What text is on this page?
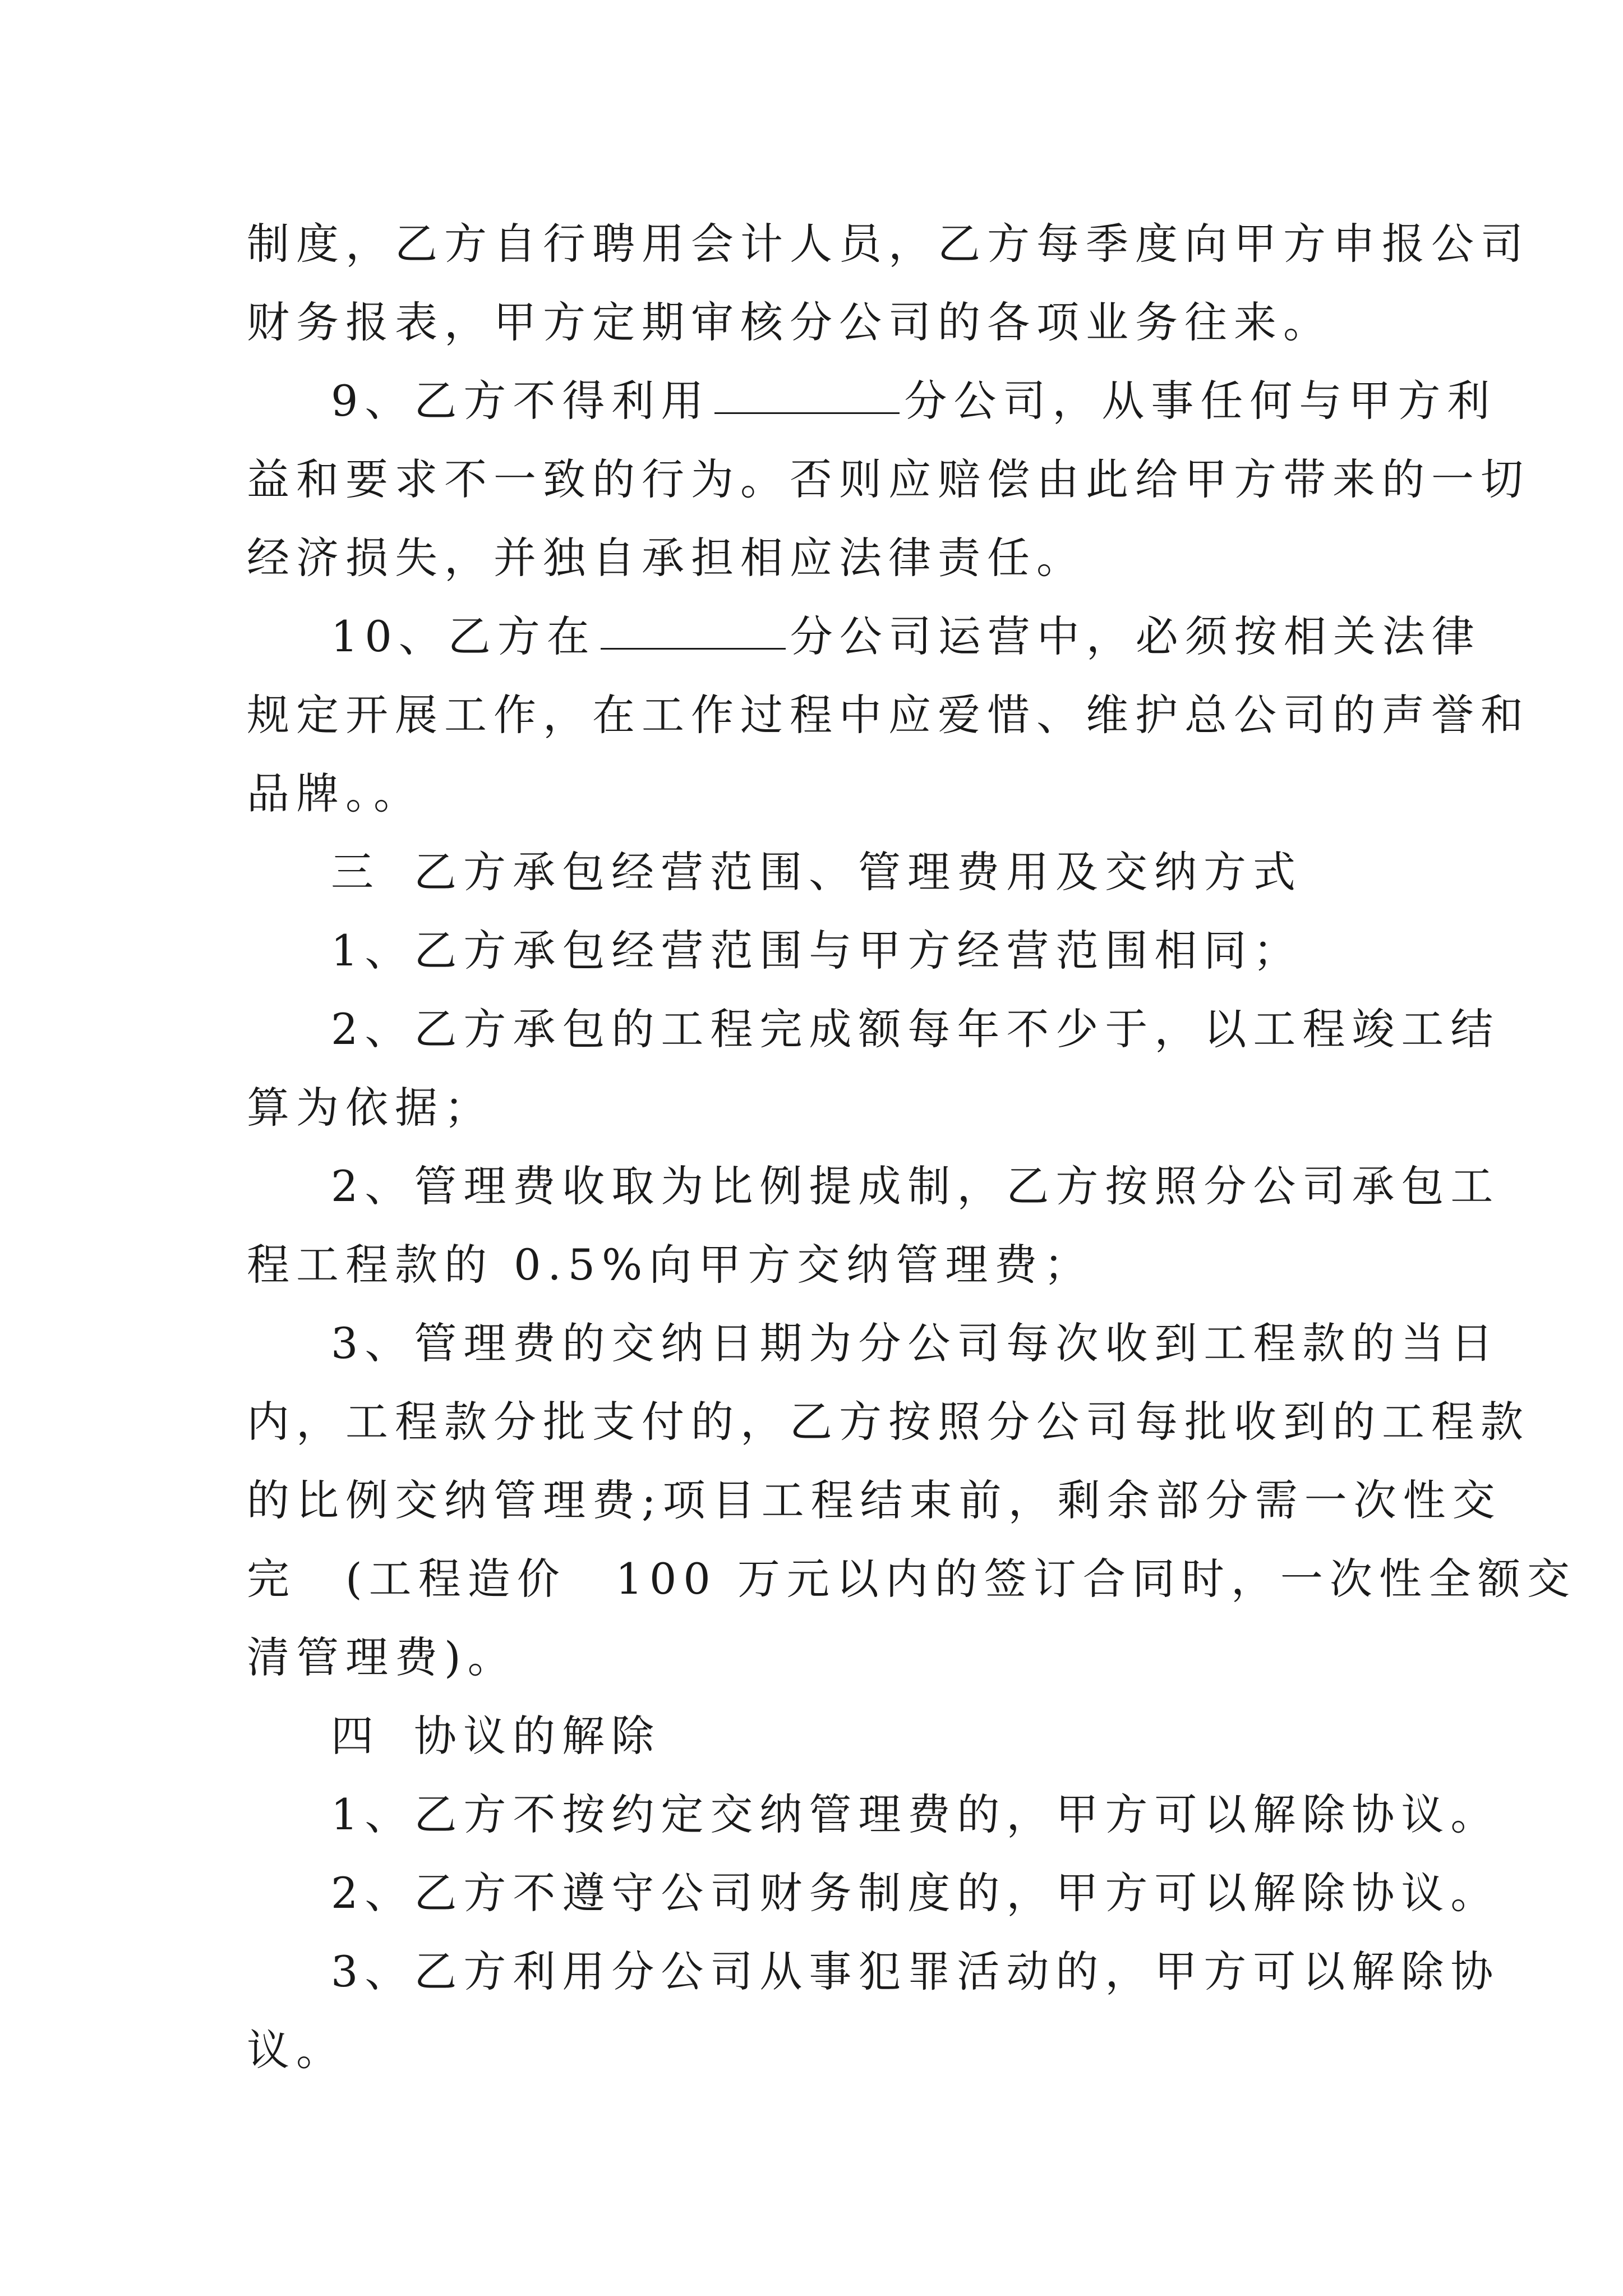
制度，乙方自行聘用会计人员，乙方每季度向甲方申报公司
财务报表，甲方定期审核分公司的各项业务往来。
9、乙方不得利用	分公司，从事任何与甲方利
益和要求不一致的行为。否则应赔偿由此给甲方带来的一切
经济损失，并独自承担相应法律责任。
10、乙方在	分公司运营中，必须按相关法律
规定开展工作，在工作过程中应爱惜、维护总公司的声誉和
品牌。。
三 乙方承包经营范围、管理费用及交纳方式
1、乙方承包经营范围与甲方经营范围相同；
2、乙方承包的工程完成额每年不少于，以工程竣工结
算为依据；
2、管理费收取为比例提成制，乙方按照分公司承包工
程工程款的 0.5%向甲方交纳管理费；
3、管理费的交纳日期为分公司每次收到工程款的当日
内，工程款分批支付的，乙方按照分公司每批收到的工程款
的比例交纳管理费;项目工程结束前，剩余部分需一次性交
完　(工程造价　100 万元以内的签订合同时，一次性全额交
清管理费)。
四 协议的解除
1、乙方不按约定交纳管理费的，甲方可以解除协议。
2、乙方不遵守公司财务制度的，甲方可以解除协议。
3、乙方利用分公司从事犯罪活动的，甲方可以解除协
议。
